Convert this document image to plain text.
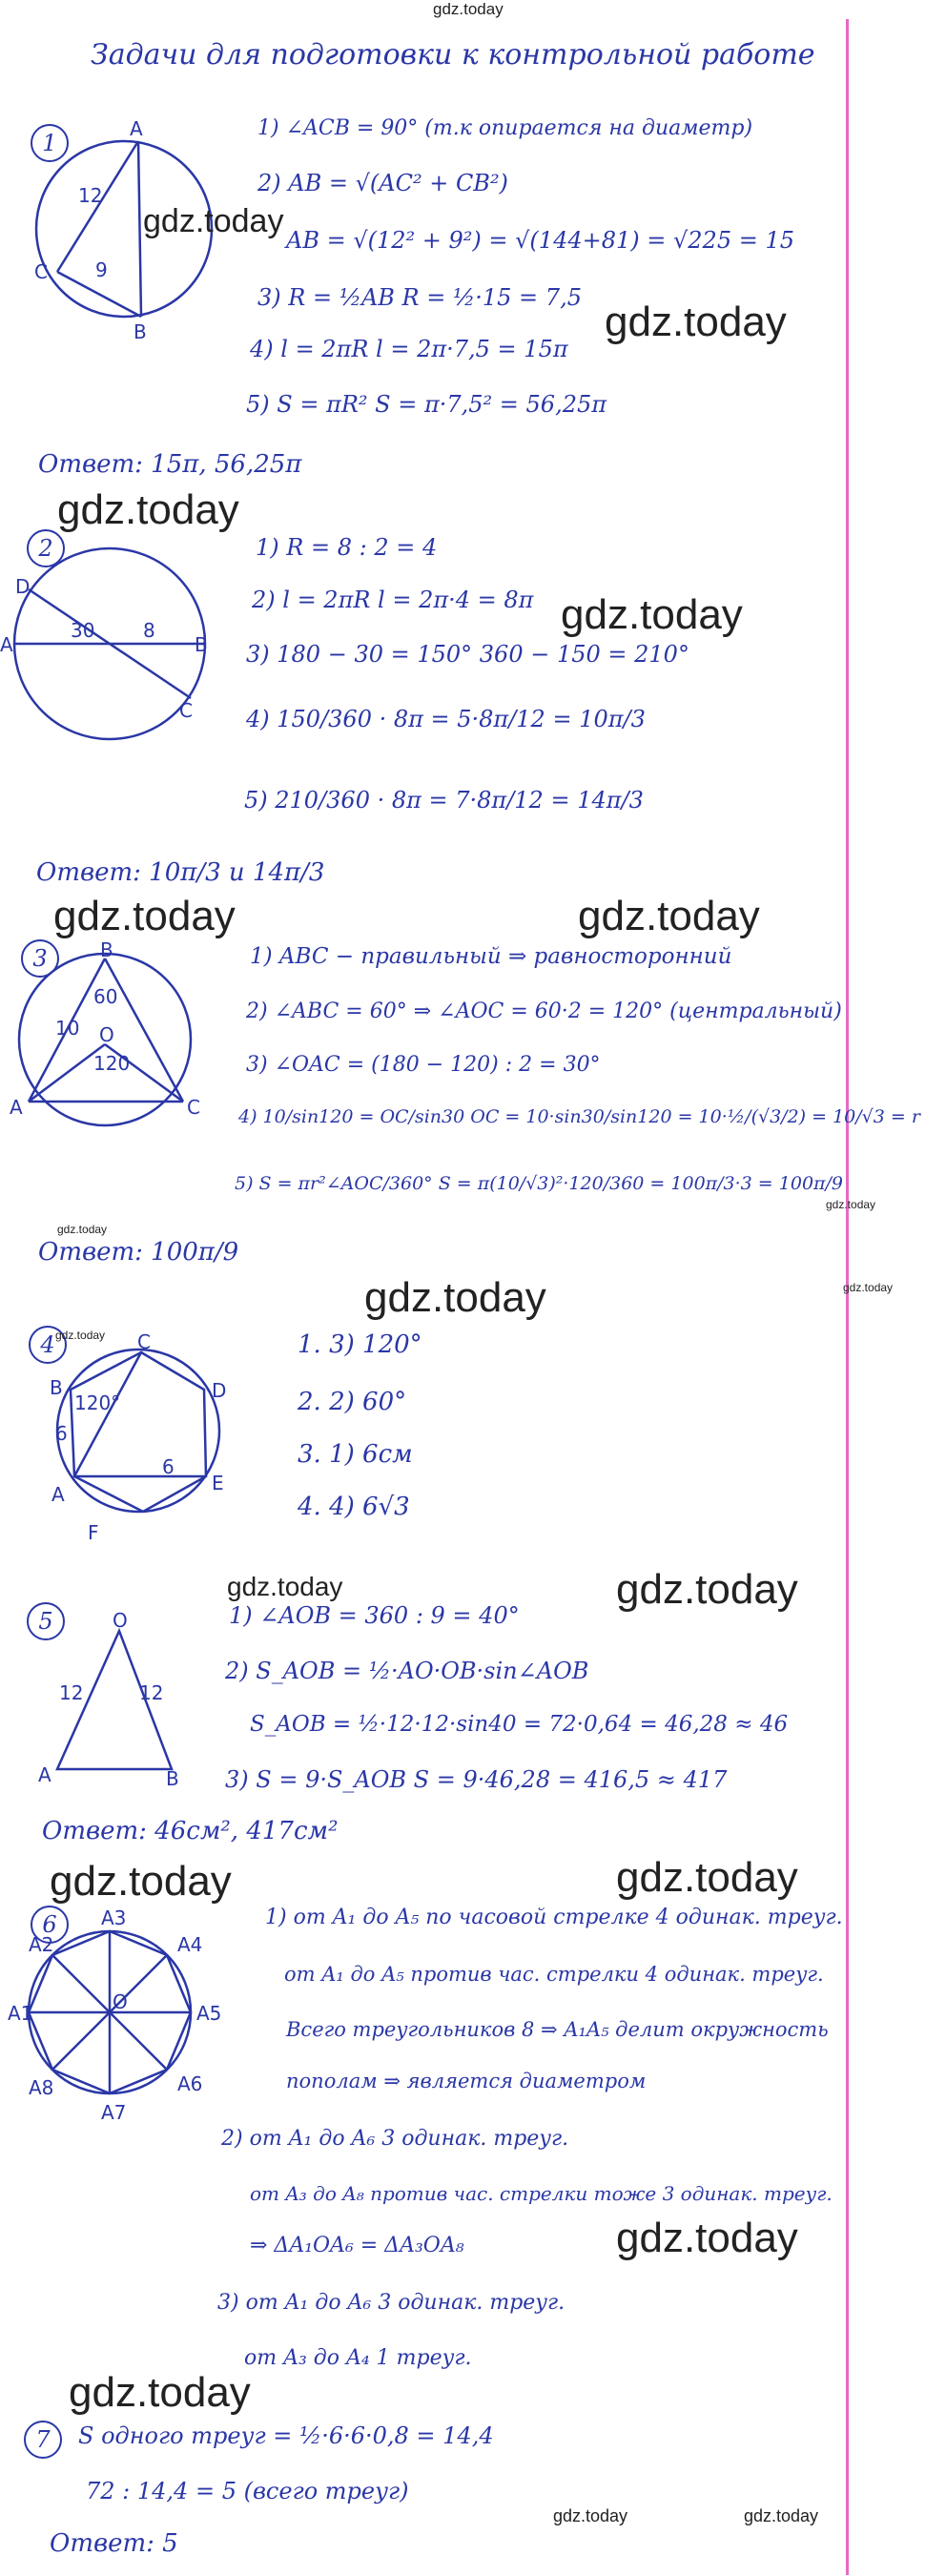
gdz.today
Задачи для подготовки к контрольной работе
A
B
C
12
9
A	B
C
D
30	8
B
A	C
O
10
60
120
C
D
E
F
A
B
6
6
120°
O
A	B
12	12
A3
A4
A5
A6
A7
A8
A1
A2
O
1
2
3
4
5
6
7
1) ∠ACB = 90° (т.к опирается на диаметр)
2) AB = √(AC² + CB²)
AB = √(12² + 9²) = √(144+81) = √225 = 15
3) R = ½AB R = ½·15 = 7,5
4) l = 2πR l = 2π·7,5 = 15π
5) S = πR² S = π·7,5² = 56,25π
Ответ: 15π, 56,25π
1) R = 8 : 2 = 4
2) l = 2πR l = 2π·4 = 8π
3) 180 − 30 = 150° 360 − 150 = 210°
4) 150/360 · 8π = 5·8π/12 = 10π/3
5) 210/360 · 8π = 7·8π/12 = 14π/3
Ответ: 10π/3 и 14π/3
1) ABC − правильный ⇒ равносторонний
2) ∠ABC = 60° ⇒ ∠AOC = 60·2 = 120° (центральный)
3) ∠OAC = (180 − 120) : 2 = 30°
4) 10/sin120 = OC/sin30 OC = 10·sin30/sin120 = 10·½/(√3/2) = 10/√3 = r
5) S = πr²∠AOC/360° S = π(10/√3)²·120/360 = 100π/3·3 = 100π/9
Ответ: 100π/9
1. 3) 120°
2. 2) 60°
3. 1) 6см
4. 4) 6√3
1) ∠AOB = 360 : 9 = 40°
2) S_AOB = ½·AO·OB·sin∠AOB
S_AOB = ½·12·12·sin40 = 72·0,64 = 46,28 ≈ 46
3) S = 9·S_AOB S = 9·46,28 = 416,5 ≈ 417
Ответ: 46см², 417см²
1) от A₁ до A₅ по часовой стрелке 4 одинак. треуг.
от A₁ до A₅ против час. стрелки 4 одинак. треуг.
Всего треугольников 8 ⇒ A₁A₅ делит окружность
пополам ⇒ является диаметром
2) от A₁ до A₆ 3 одинак. треуг.
от A₃ до A₈ против час. стрелки тоже 3 одинак. треуг.
⇒ ΔA₁OA₆ = ΔA₃OA₈
3) от A₁ до A₆ 3 одинак. треуг.
от A₃ до A₄ 1 треуг.
S одного треуг = ½·6·6·0,8 = 14,4
72 : 14,4 = 5 (всего треуг)
Ответ: 5
gdz.today
gdz.today
gdz.today
gdz.today
gdz.today	gdz.today
gdz.today
gdz.today
gdz.today
gdz.today
gdz.today
gdz.today	gdz.today
gdz.today	gdz.today
gdz.today
gdz.today
gdz.today	gdz.today
